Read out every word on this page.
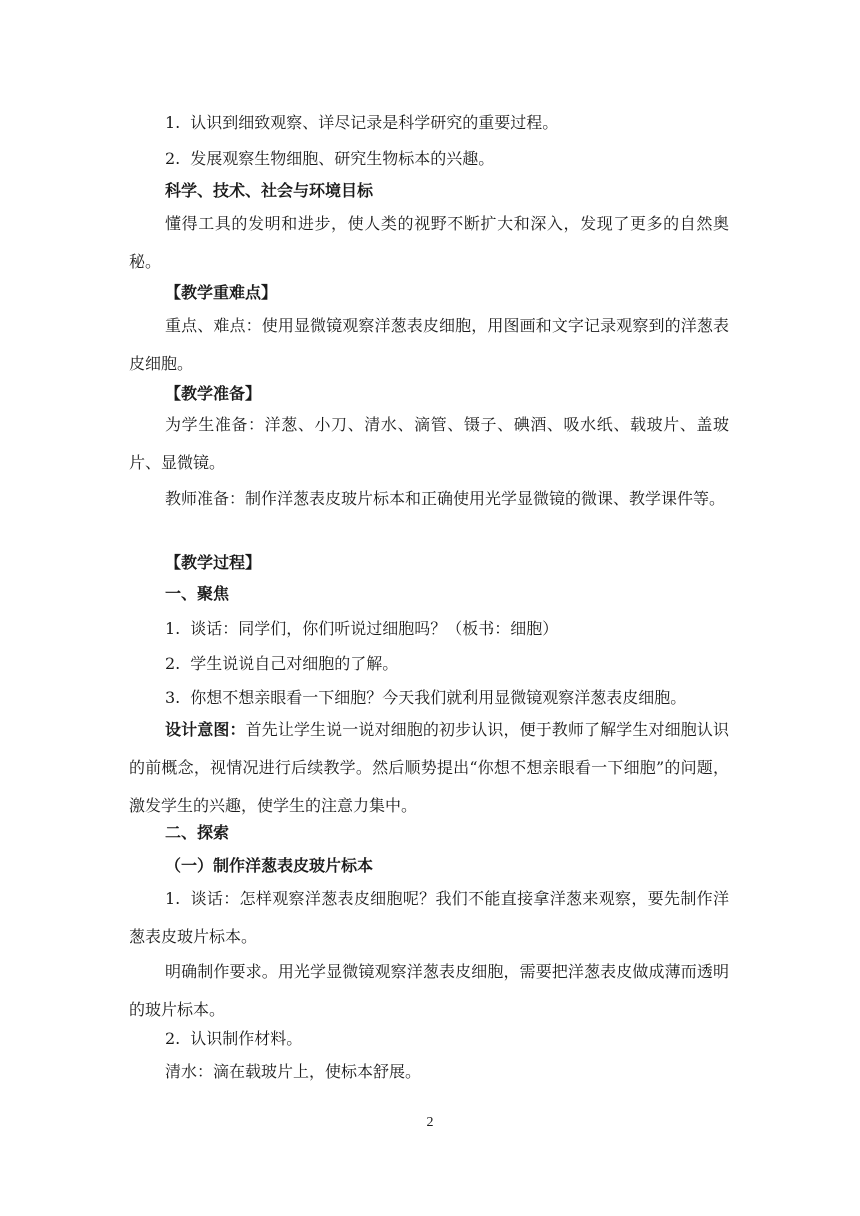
1. 认识到细致观察、详尽记录是科学研究的重要过程。
2. 发展观察生物细胞、研究生物标本的兴趣。
科学、技术、社会与环境目标

懂得工具的发明和进步，使人类的视野不断扩大和深入，发现了更多的自然奥秘。

【教学重难点】

重点、难点：使用显微镜观察洋葱表皮细胞，用图画和文字记录观察到的洋葱表皮细胞。

【教学准备】

为学生准备：洋葱、小刀、清水、滴管、镊子、碘酒、吸水纸、载玻片、盖玻片、显微镜。

教师准备：制作洋葱表皮玻片标本和正确使用光学显微镜的微课、教学课件等。

【教学过程】
一、聚焦
1. 谈话：同学们，你们听说过细胞吗？（板书：细胞）
2. 学生说说自己对细胞的了解。
3. 你想不想亲眼看一下细胞？今天我们就利用显微镜观察洋葱表皮细胞。

设计意图：首先让学生说一说对细胞的初步认识，便于教师了解学生对细胞认识的前概念，视情况进行后续教学。然后顺势提出“你想不想亲眼看一下细胞”的问题，激发学生的兴趣，使学生的注意力集中。

二、探索
（一）制作洋葱表皮玻片标本

1. 谈话：怎样观察洋葱表皮细胞呢？我们不能直接拿洋葱来观察，要先制作洋葱表皮玻片标本。

明确制作要求。用光学显微镜观察洋葱表皮细胞，需要把洋葱表皮做成薄而透明的玻片标本。

2. 认识制作材料。
清水：滴在载玻片上，使标本舒展。
2
